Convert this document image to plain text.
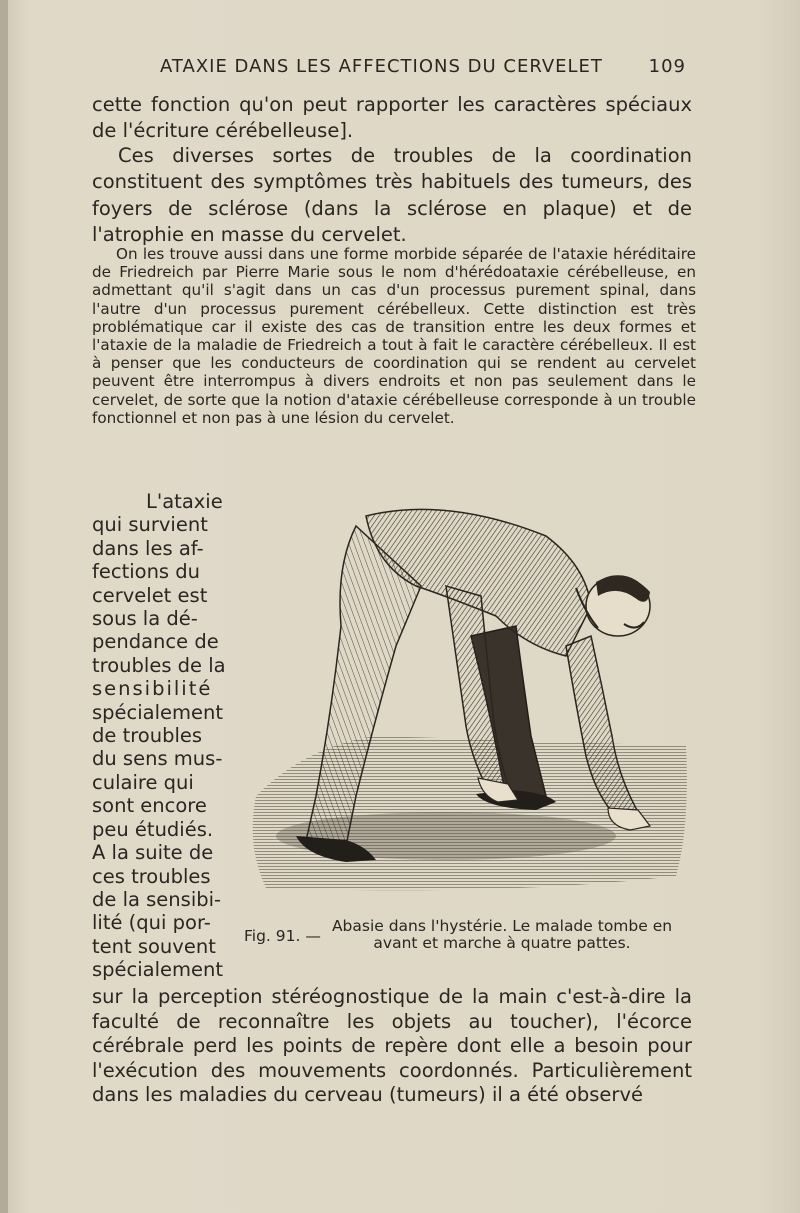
ATAXIE DANS LES AFFECTIONS DU CERVELET	109
cette fonction qu'on peut rapporter les caractères spéciaux de l'écriture cérébelleuse].
Ces diverses sortes de troubles de la coordination constituent des symptômes très habituels des tumeurs, des foyers de sclérose (dans la sclérose en plaque) et de l'atrophie en masse du cervelet.
On les trouve aussi dans une forme morbide séparée de l'ataxie héréditaire de Friedreich par Pierre Marie sous le nom d'hérédoataxie cérébelleuse, en admettant qu'il s'agit dans un cas d'un processus purement spinal, dans l'autre d'un processus purement cérébelleux. Cette distinction est très problématique car il existe des cas de transition entre les deux formes et l'ataxie de la maladie de Friedreich a tout à fait le caractère cérébelleux. Il est à penser que les conducteurs de coordination qui se rendent au cervelet peuvent être interrompus à divers endroits et non pas seulement dans le cervelet, de sorte que la notion d'ataxie cérébelleuse corresponde à un trouble fonctionnel et non pas à une lésion du cervelet.
L'ataxie
qui survient
dans les af-
fections du
cervelet est
sous la dé-
pendance de
troubles de la
sensibilité
spécialement
de troubles
du sens mus-
culaire qui
sont encore
peu étudiés.
A la suite de
ces troubles
de la sensibi-
lité (qui por-
tent souvent
spécialement
Fig. 91. —
Abasie dans l'hystérie. Le malade tombe en avant et marche à quatre pattes.
sur la perception stéréognostique de la main c'est-à-dire la faculté de reconnaître les objets au toucher), l'écorce cérébrale perd les points de repère dont elle a besoin pour l'exécution des mouvements coordonnés. Particulièrement dans les maladies du cerveau (tumeurs) il a été observé
